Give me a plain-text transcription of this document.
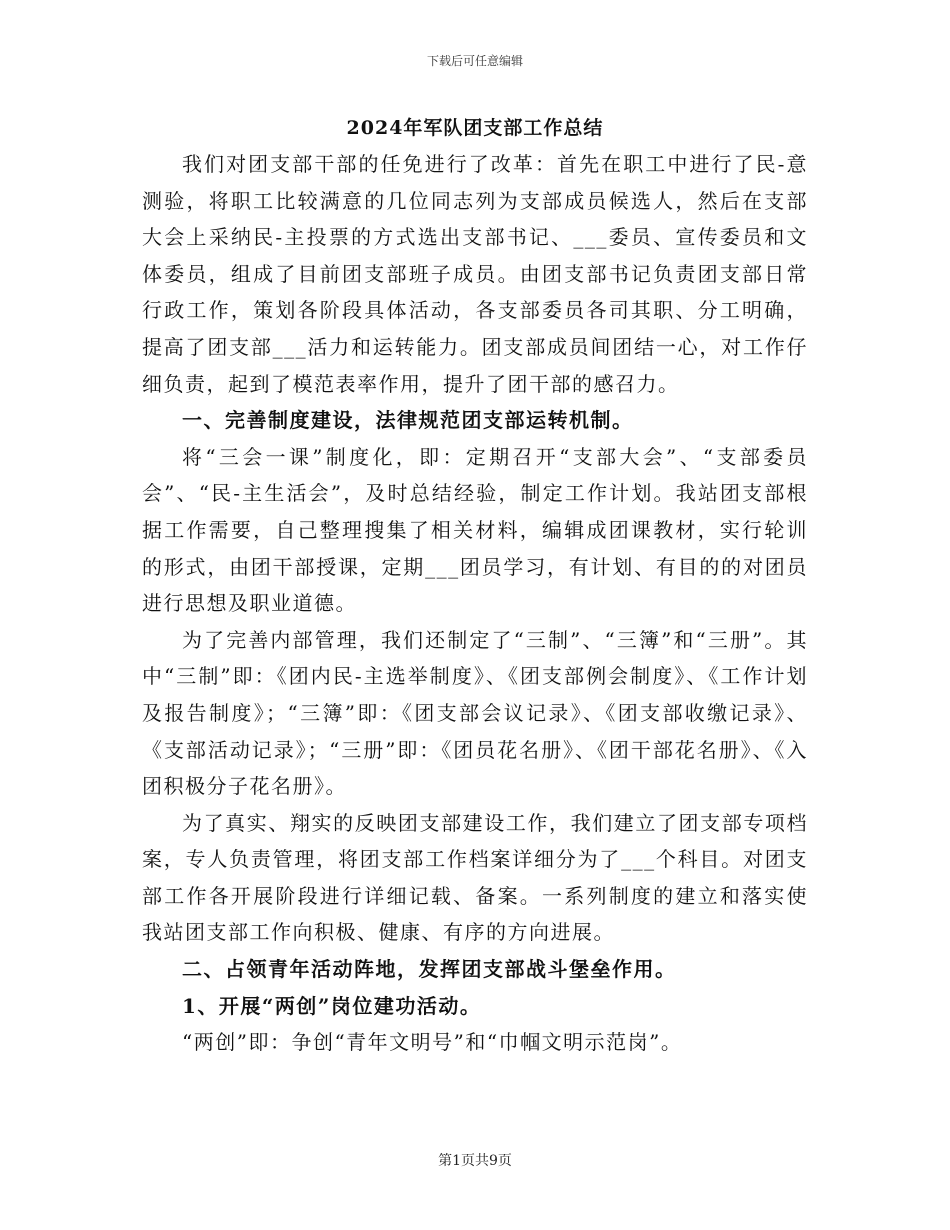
下载后可任意编辑
2024年军队团支部工作总结

我们对团支部干部的任免进行了改革：首先在职工中进行了民-意测验，将职工比较满意的几位同志列为支部成员候选人，然后在支部大会上采纳民-主投票的方式选出支部书记、___委员、宣传委员和文体委员，组成了目前团支部班子成员。由团支部书记负责团支部日常行政工作，策划各阶段具体活动，各支部委员各司其职、分工明确，提高了团支部___活力和运转能力。团支部成员间团结一心，对工作仔细负责，起到了模范表率作用，提升了团干部的感召力。

一、完善制度建设，法律规范团支部运转机制。

将“三会一课”制度化，即：定期召开“支部大会”、“支部委员会”、“民-主生活会”，及时总结经验，制定工作计划。我站团支部根据工作需要，自己整理搜集了相关材料，编辑成团课教材，实行轮训的形式，由团干部授课，定期___团员学习，有计划、有目的的对团员进行思想及职业道德。

为了完善内部管理，我们还制定了“三制”、“三簿”和“三册”。其中“三制”即：《团内民-主选举制度》、《团支部例会制度》、《工作计划及报告制度》；“三簿”即：《团支部会议记录》、《团支部收缴记录》、《支部活动记录》；“三册”即：《团员花名册》、《团干部花名册》、《入团积极分子花名册》。

为了真实、翔实的反映团支部建设工作，我们建立了团支部专项档案，专人负责管理，将团支部工作档案详细分为了___个科目。对团支部工作各开展阶段进行详细记载、备案。一系列制度的建立和落实使我站团支部工作向积极、健康、有序的方向进展。

二、占领青年活动阵地，发挥团支部战斗堡垒作用。

1、开展“两创”岗位建功活动。

“两创”即：争创“青年文明号”和“巾帼文明示范岗”。

第1页共9页
